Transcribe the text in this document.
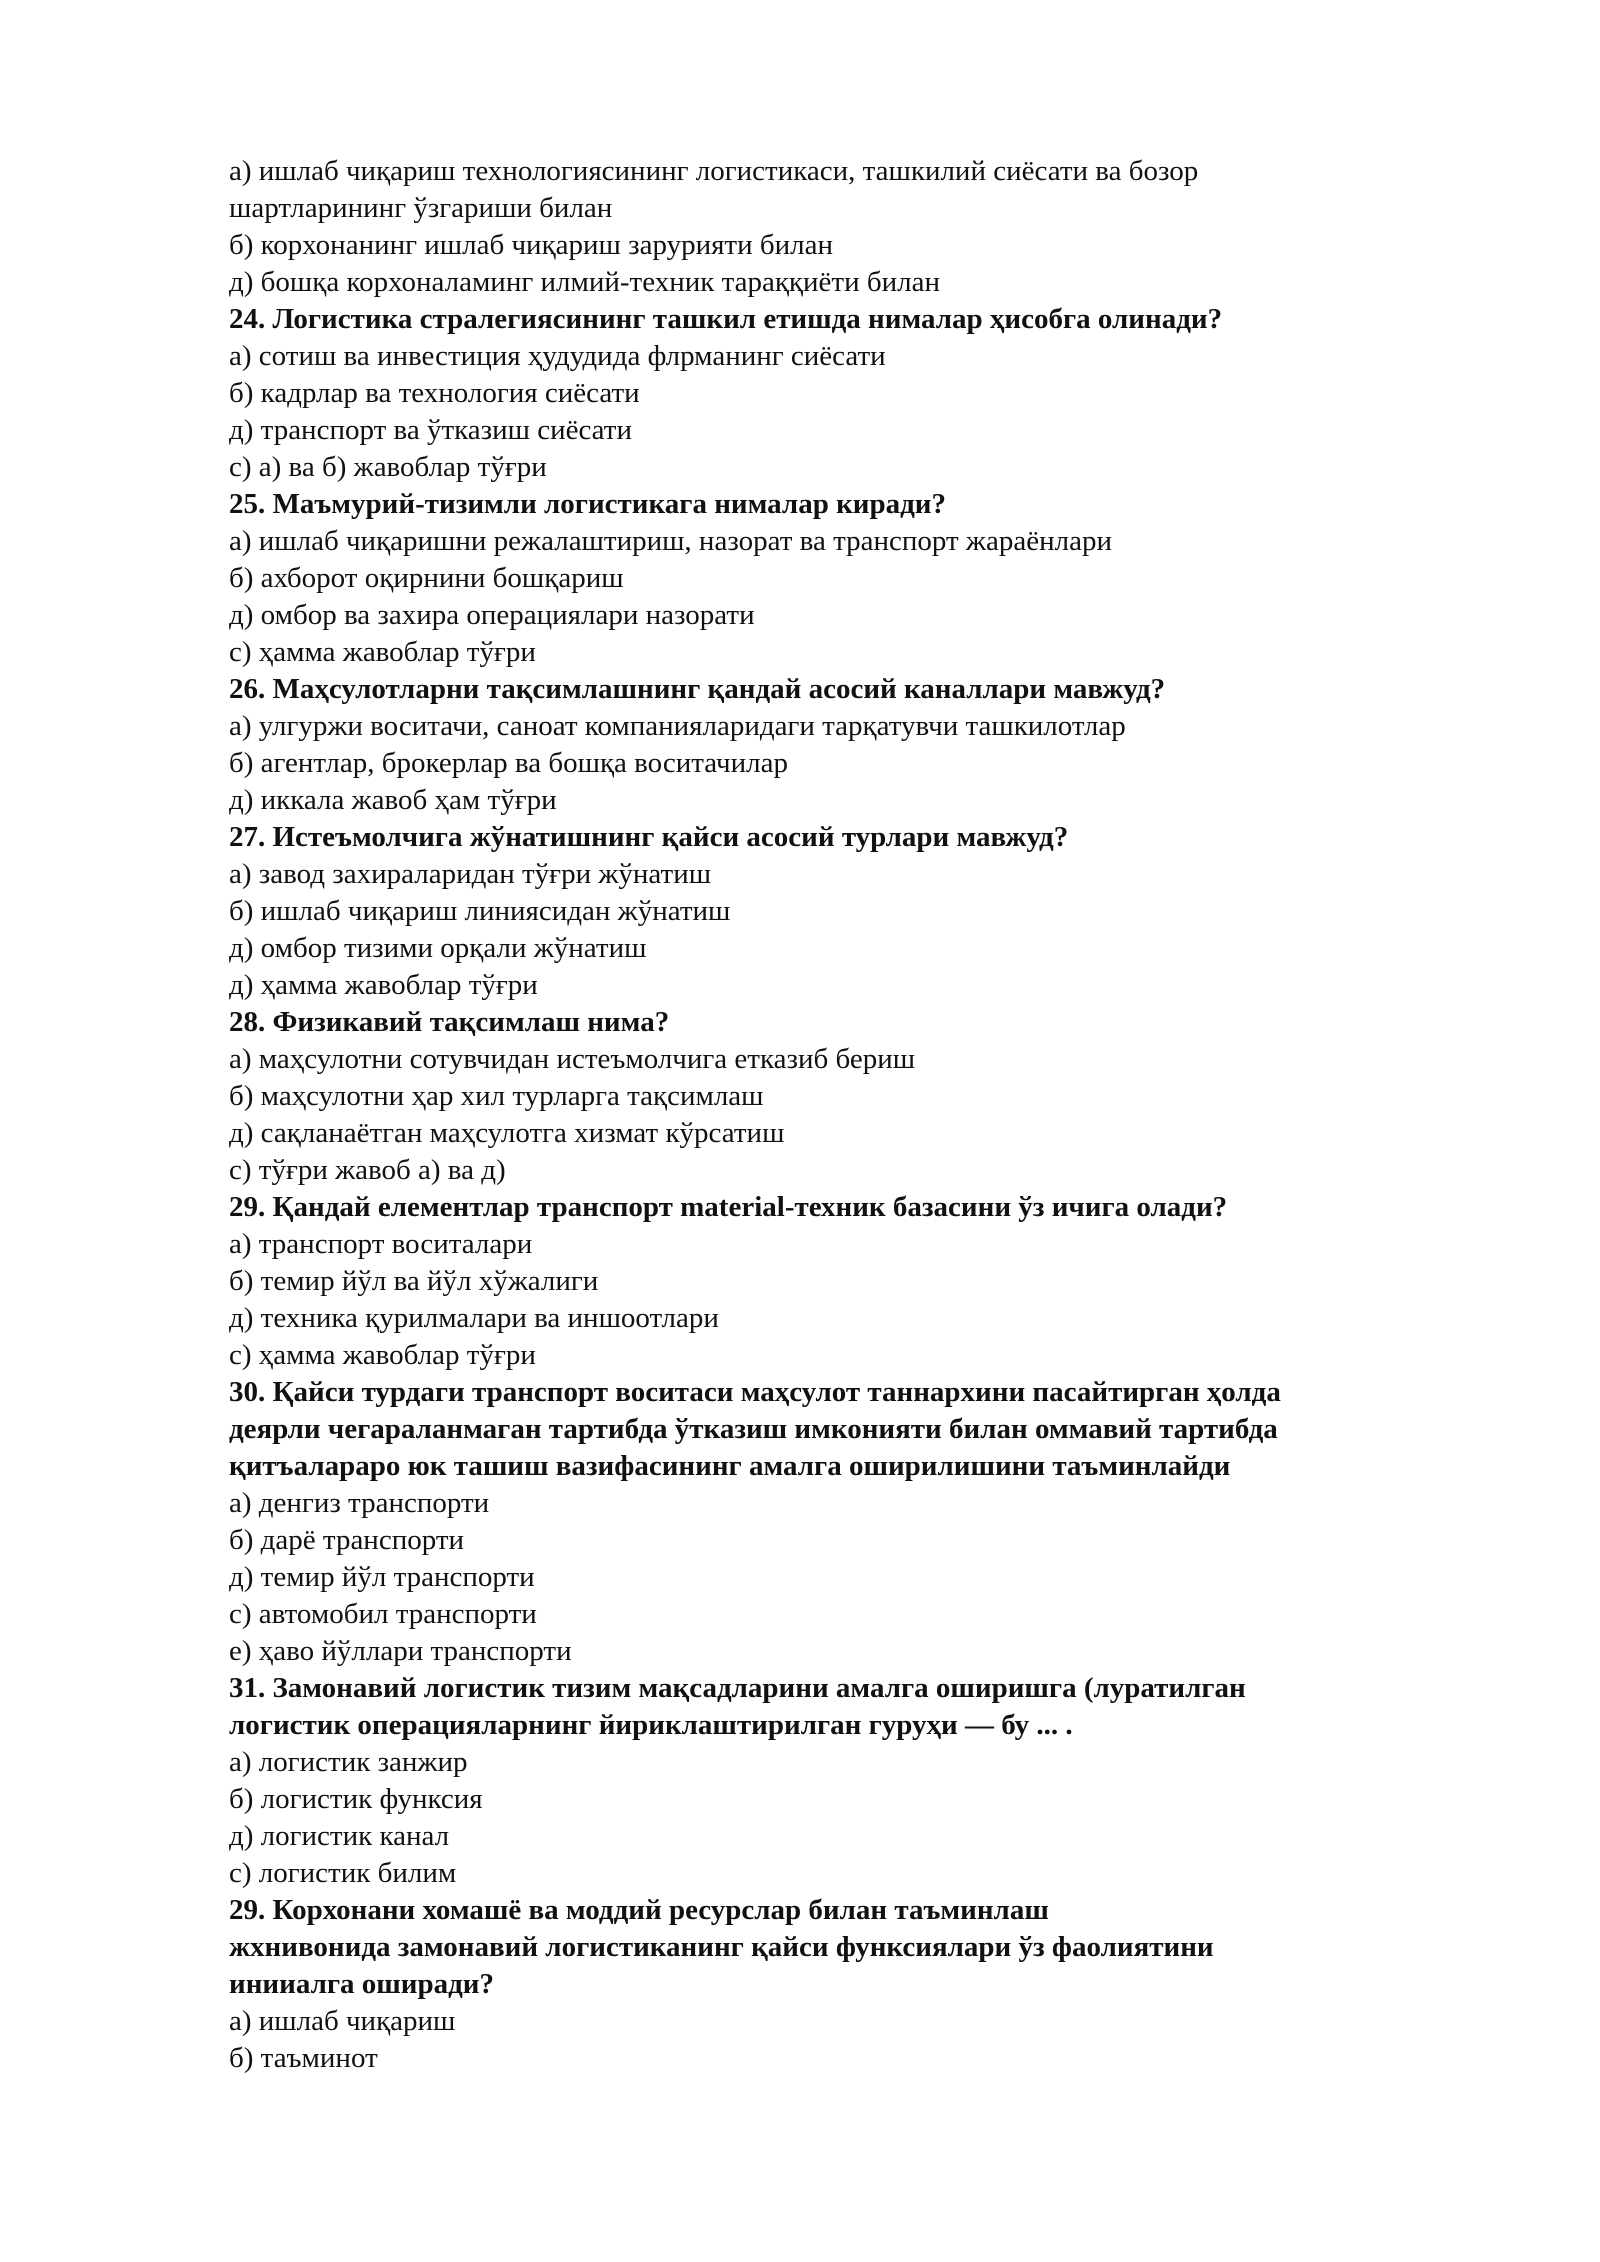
а) ишлаб чиқариш технологиясининг логистикаси, ташкилий сиёсати ва бозор
шартларининг ўзгариши билан
б) корхонанинг ишлаб чиқариш зарурияти билан
д) бошқа корхоналаминг илмий-техник тараққиёти билан
24. Логистика стралегиясининг ташкил етишда нималар ҳисобга олинади?
а) сотиш ва инвестиция ҳудудида флрманинг сиёсати
б) кадрлар ва технология сиёсати
д) транспорт ва ўтказиш сиёсати
с) а) ва б) жавоблар тўғри
25. Маъмурий-тизимли логистикага нималар киради?
а) ишлаб чиқаришни режалаштириш, назорат ва транспорт жараёнлари
б) ахборот оқирнини бошқариш
д) омбор ва захира операциялари назорати
с) ҳамма жавоблар тўғри
26. Маҳсулотларни тақсимлашнинг қандай асосий каналлари мавжуд?
а) улгуржи воситачи, саноат компанияларидаги тарқатувчи ташкилотлар
б) агентлар, брокерлар ва бошқа воситачилар
д) иккала жавоб ҳам тўғри
27. Истеъмолчига жўнатишнинг қайси асосий турлари мавжуд?
а) завод захираларидан тўғри жўнатиш
б) ишлаб чиқариш линиясидан жўнатиш
д) омбор тизими орқали жўнатиш
д) ҳамма жавоблар тўғри
28. Физикавий тақсимлаш нима?
а) маҳсулотни сотувчидан истеъмолчига етказиб бериш
б) маҳсулотни ҳар хил турларга тақсимлаш
д) сақланаётган маҳсулотга хизмат кўрсатиш
с) тўғри жавоб а) ва д)
29. Қандай елементлар транспорт material-техник базасини ўз ичига олади?
а) транспорт воситалари
б) темир йўл ва йўл хўжалиги
д) техника қурилмалари ва иншоотлари
с) ҳамма жавоблар тўғри
30. Қайси турдаги транспорт воситаси маҳсулот таннархини пасайтирган ҳолда
деярли чегараланмаган тартибда ўтказиш имконияти билан оммавий тартибда
қитъалараро юк ташиш вазифасининг амалга оширилишини таъминлайди
а) денгиз транспорти
б) дарё транспорти
д) темир йўл транспорти
с) автомобил транспорти
е) ҳаво йўллари транспорти
31. Замонавий логистик тизим мақсадларини амалга оширишга (луратилган
логистик операцияларнинг йириклаштирилган гуруҳи — бу ... .
а) логистик занжир
б) логистик функсия
д) логистик канал
с) логистик билим
29. Корхонани хомашё ва моддий ресурслар билан таъминлаш
жхнивонида замонавий логистиканинг қайси функсиялари ўз фаолиятини
инииалга оширади?
а) ишлаб чиқариш
б) таъминот
